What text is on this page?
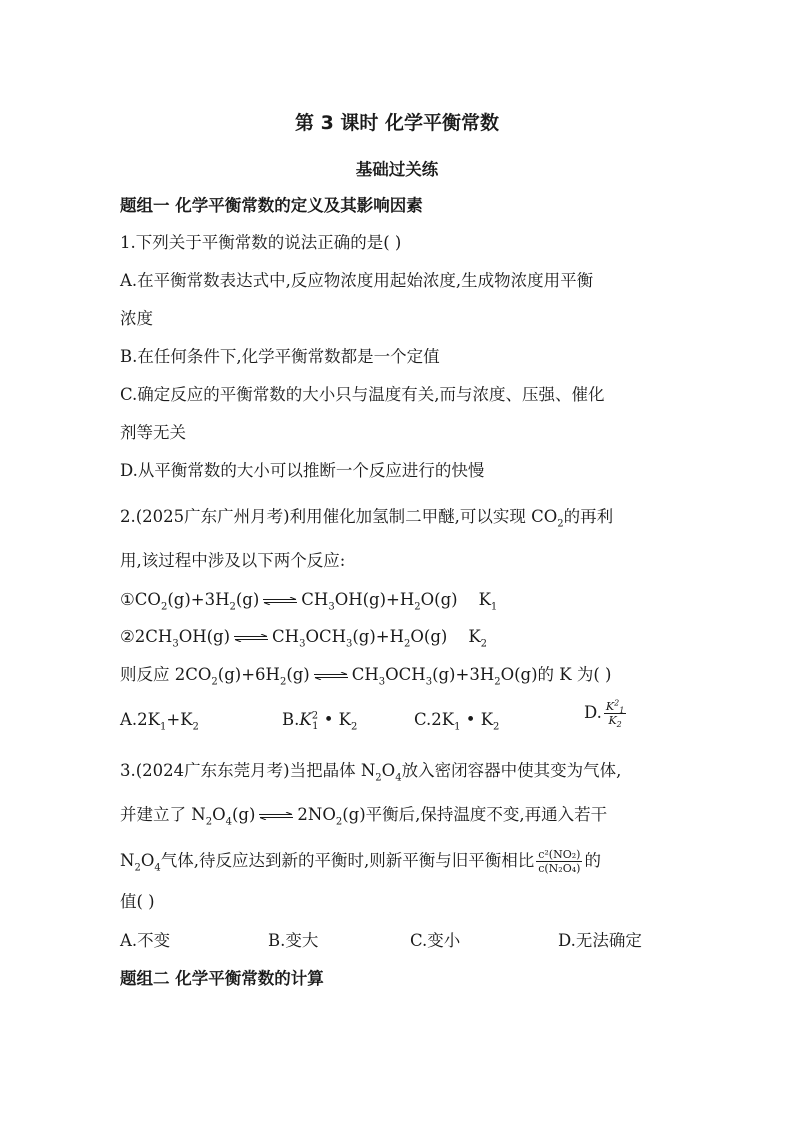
第 3 课时 化学平衡常数
基础过关练
题组一 化学平衡常数的定义及其影响因素
1.下列关于平衡常数的说法正确的是( )
A.在平衡常数表达式中,反应物浓度用起始浓度,生成物浓度用平衡
浓度
B.在任何条件下,化学平衡常数都是一个定值
C.确定反应的平衡常数的大小只与温度有关,而与浓度、压强、催化
剂等无关
D.从平衡常数的大小可以推断一个反应进行的快慢
2.(2025广东广州月考)利用催化加氢制二甲醚,可以实现 $CO_2$的再利
用,该过程中涉及以下两个反应:
$①CO_2(g)+3H_2(g)$ ⇌ $CH_3OH(g)+H_2O(g)$ $K_1$
$②2CH_3OH(g)$ ⇌ $CH_3OCH_3(g)+H_2O(g)$ $K_2$
则反应 $2CO_2(g)+6H_2(g)$ ⇌ $CH_3OCH_3(g)+3H_2O(g)$的 K 为( )
$A.2K_1+K_2$	$B.K^2_1$ • $K_2$	$C.2K_1$ • $K_2$
D. $\frac{K^2_1}{K_2}$
3.(2024广东东莞月考)当把晶体 $N_2O_4$放入密闭容器中使其变为气体,
并建立了 $N_2O_4(g)$ ⇌ $2NO_2(g)$平衡后,保持温度不变,再通入若干
$N_2O_4$气体,待反应达到新的平衡时,则新平衡与旧平衡相比 $\frac{\text{c²(NO₂)}}{\text{c(N₂O₄)}}$ 的
值( )
A.不变	B.变大	C.变小	D.无法确定
题组二 化学平衡常数的计算
